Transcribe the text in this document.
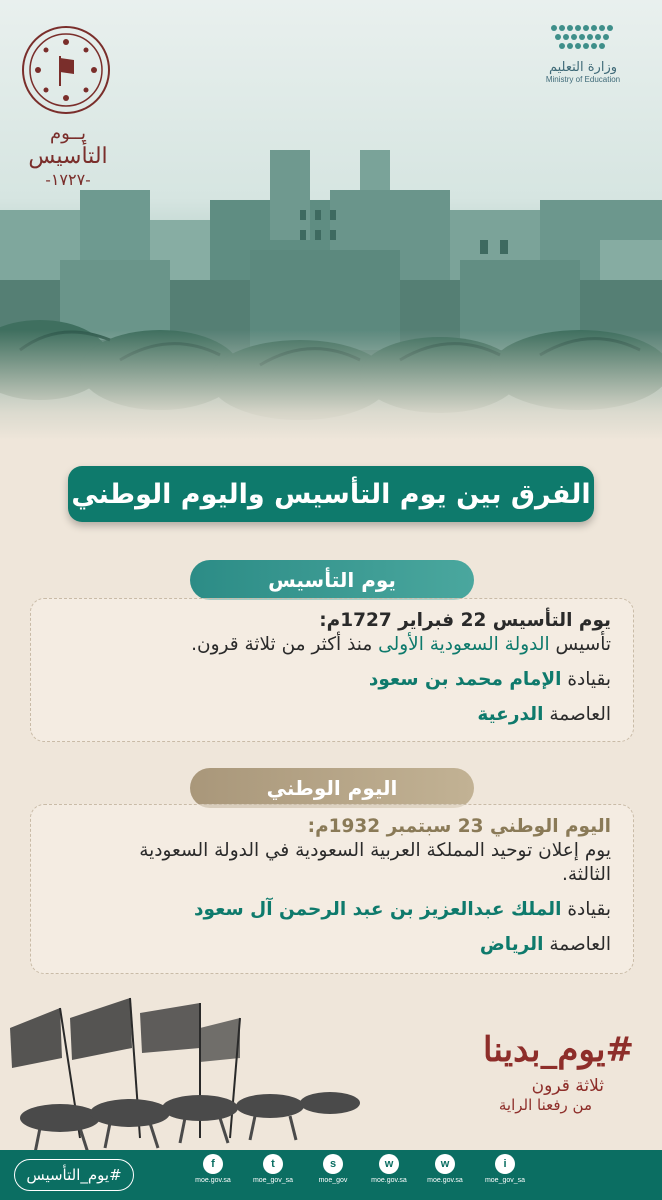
يــوم
التأسيس
-١٧٢٧-
وزارة التعليم
Ministry of Education
الفرق بين يوم التأسيس واليوم الوطني
يوم التأسيس
يوم التأسيس 22 فبراير 1727م:
تأسيس الدولة السعودية الأولى منذ أكثر من ثلاثة قرون.
بقيادة الإمام محمد بن سعود
العاصمة الدرعية
اليوم الوطني
اليوم الوطني 23 سبتمبر 1932م:
يوم إعلان توحيد المملكة العربية السعودية في الدولة السعودية
الثالثة.
بقيادة الملك عبدالعزيز بن عبد الرحمن آل سعود
العاصمة الرياض
#يوم_بدينا
ثلاثة قرون
من رفعنا الراية
#يوم_التأسيس
f
moe.gov.sa
t
moe_gov_sa
s
moe_gov
w
moe.gov.sa
w
moe.gov.sa
i
moe_gov_sa
